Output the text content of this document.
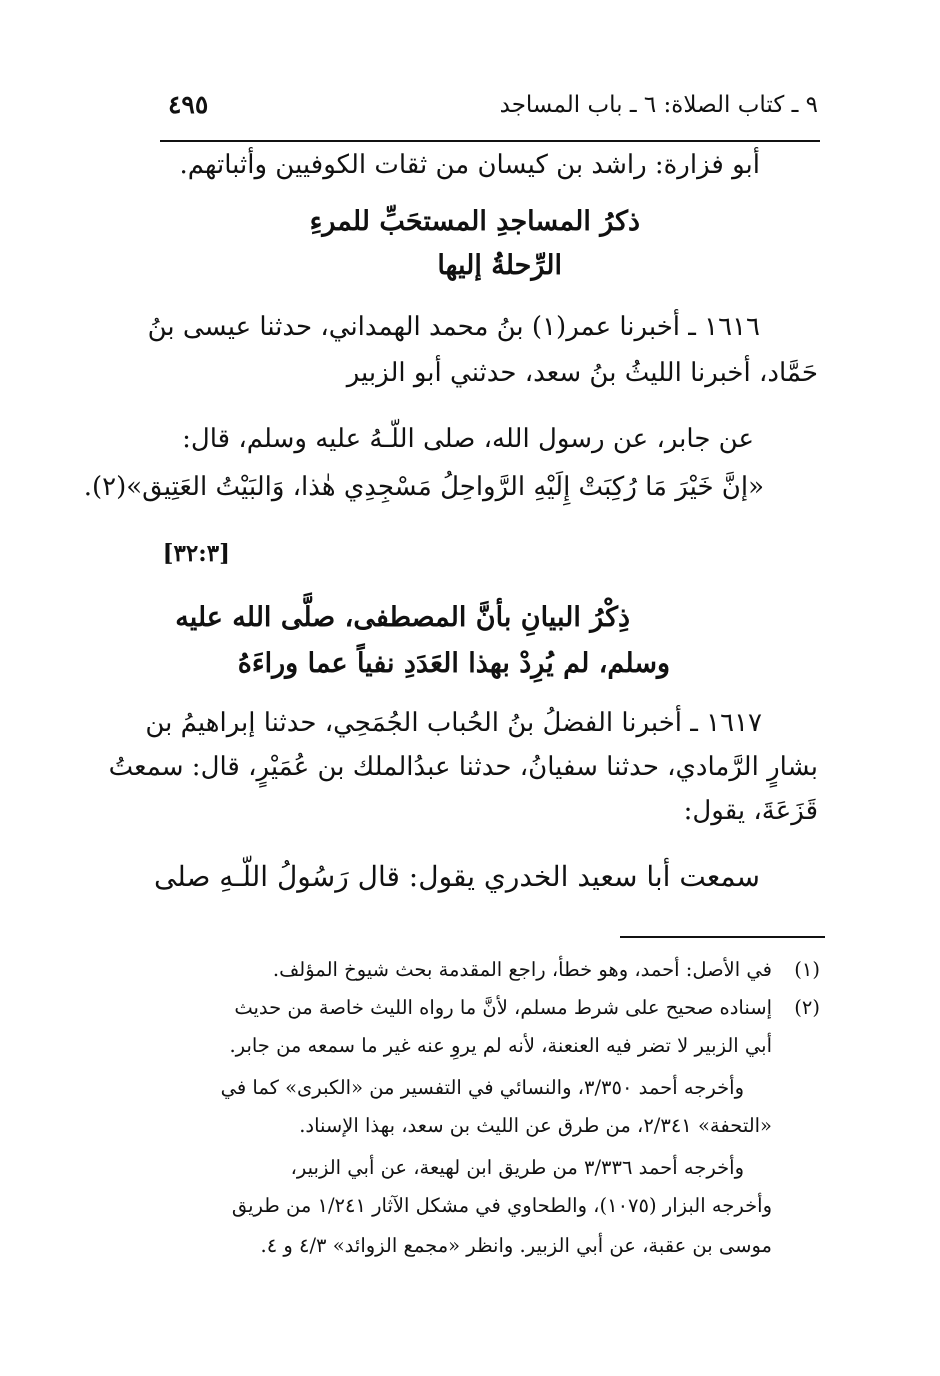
٤٩٥	٩ ـ كتاب الصلاة: ٦ ـ باب المساجد
أبو فزارة: راشد بن كيسان من ثقات الكوفيين وأثباتهم.
ذكرُ المساجدِ المستحَبِّ للمرءِ
الرِّحلةُ إليها
١٦١٦ ـ أخبرنا عمر(١) بنُ محمد الهمداني، حدثنا عيسى بنُ
حَمَّاد، أخبرنا الليثُ بنُ سعد، حدثني أبو الزبير
عن جابر، عن رسول الله، صلى اللّـهُ عليه وسلم، قال:
«إنَّ خَيْرَ مَا رُكِبَتْ إِلَيْهِ الرَّواحِلُ مَسْجِدِي هٰذا، وَالبَيْتُ العَتِيق»(٢).
[٣٢:٣]
ذِكْرُ البيانِ بأنَّ المصطفى، صلَّى الله عليه
وسلم، لم يُرِدْ بهذا العَدَدِ نفياً عما وراءَهُ
١٦١٧ ـ أخبرنا الفضلُ بنُ الحُباب الجُمَحِي، حدثنا إبراهيمُ بن
بشارٍ الرَّمادي، حدثنا سفيانُ، حدثنا عبدُالملك بن عُمَيْرٍ، قال: سمعتُ
قَزَعَةَ، يقول:
سمعت أبا سعيد الخدري يقول: قال رَسُولُ اللّـهِ صلى
(١)
في الأصل: أحمد، وهو خطأ، راجع المقدمة بحث شيوخ المؤلف.
(٢)
إسناده صحيح على شرط مسلم، لأنَّ ما رواه الليث خاصة من حديث
أبي الزبير لا تضر فيه العنعنة، لأنه لم يروِ عنه غير ما سمعه من جابر.
وأخرجه أحمد ٣/٣٥٠، والنسائي في التفسير من «الكبرى» كما في
«التحفة» ٢/٣٤١، من طرق عن الليث بن سعد، بهذا الإسناد.
وأخرجه أحمد ٣/٣٣٦ من طريق ابن لهيعة، عن أبي الزبير،
وأخرجه البزار (١٠٧٥)، والطحاوي في مشكل الآثار ١/٢٤١ من طريق
موسى بن عقبة، عن أبي الزبير. وانظر «مجمع الزوائد» ٤/٣ و ٤.
